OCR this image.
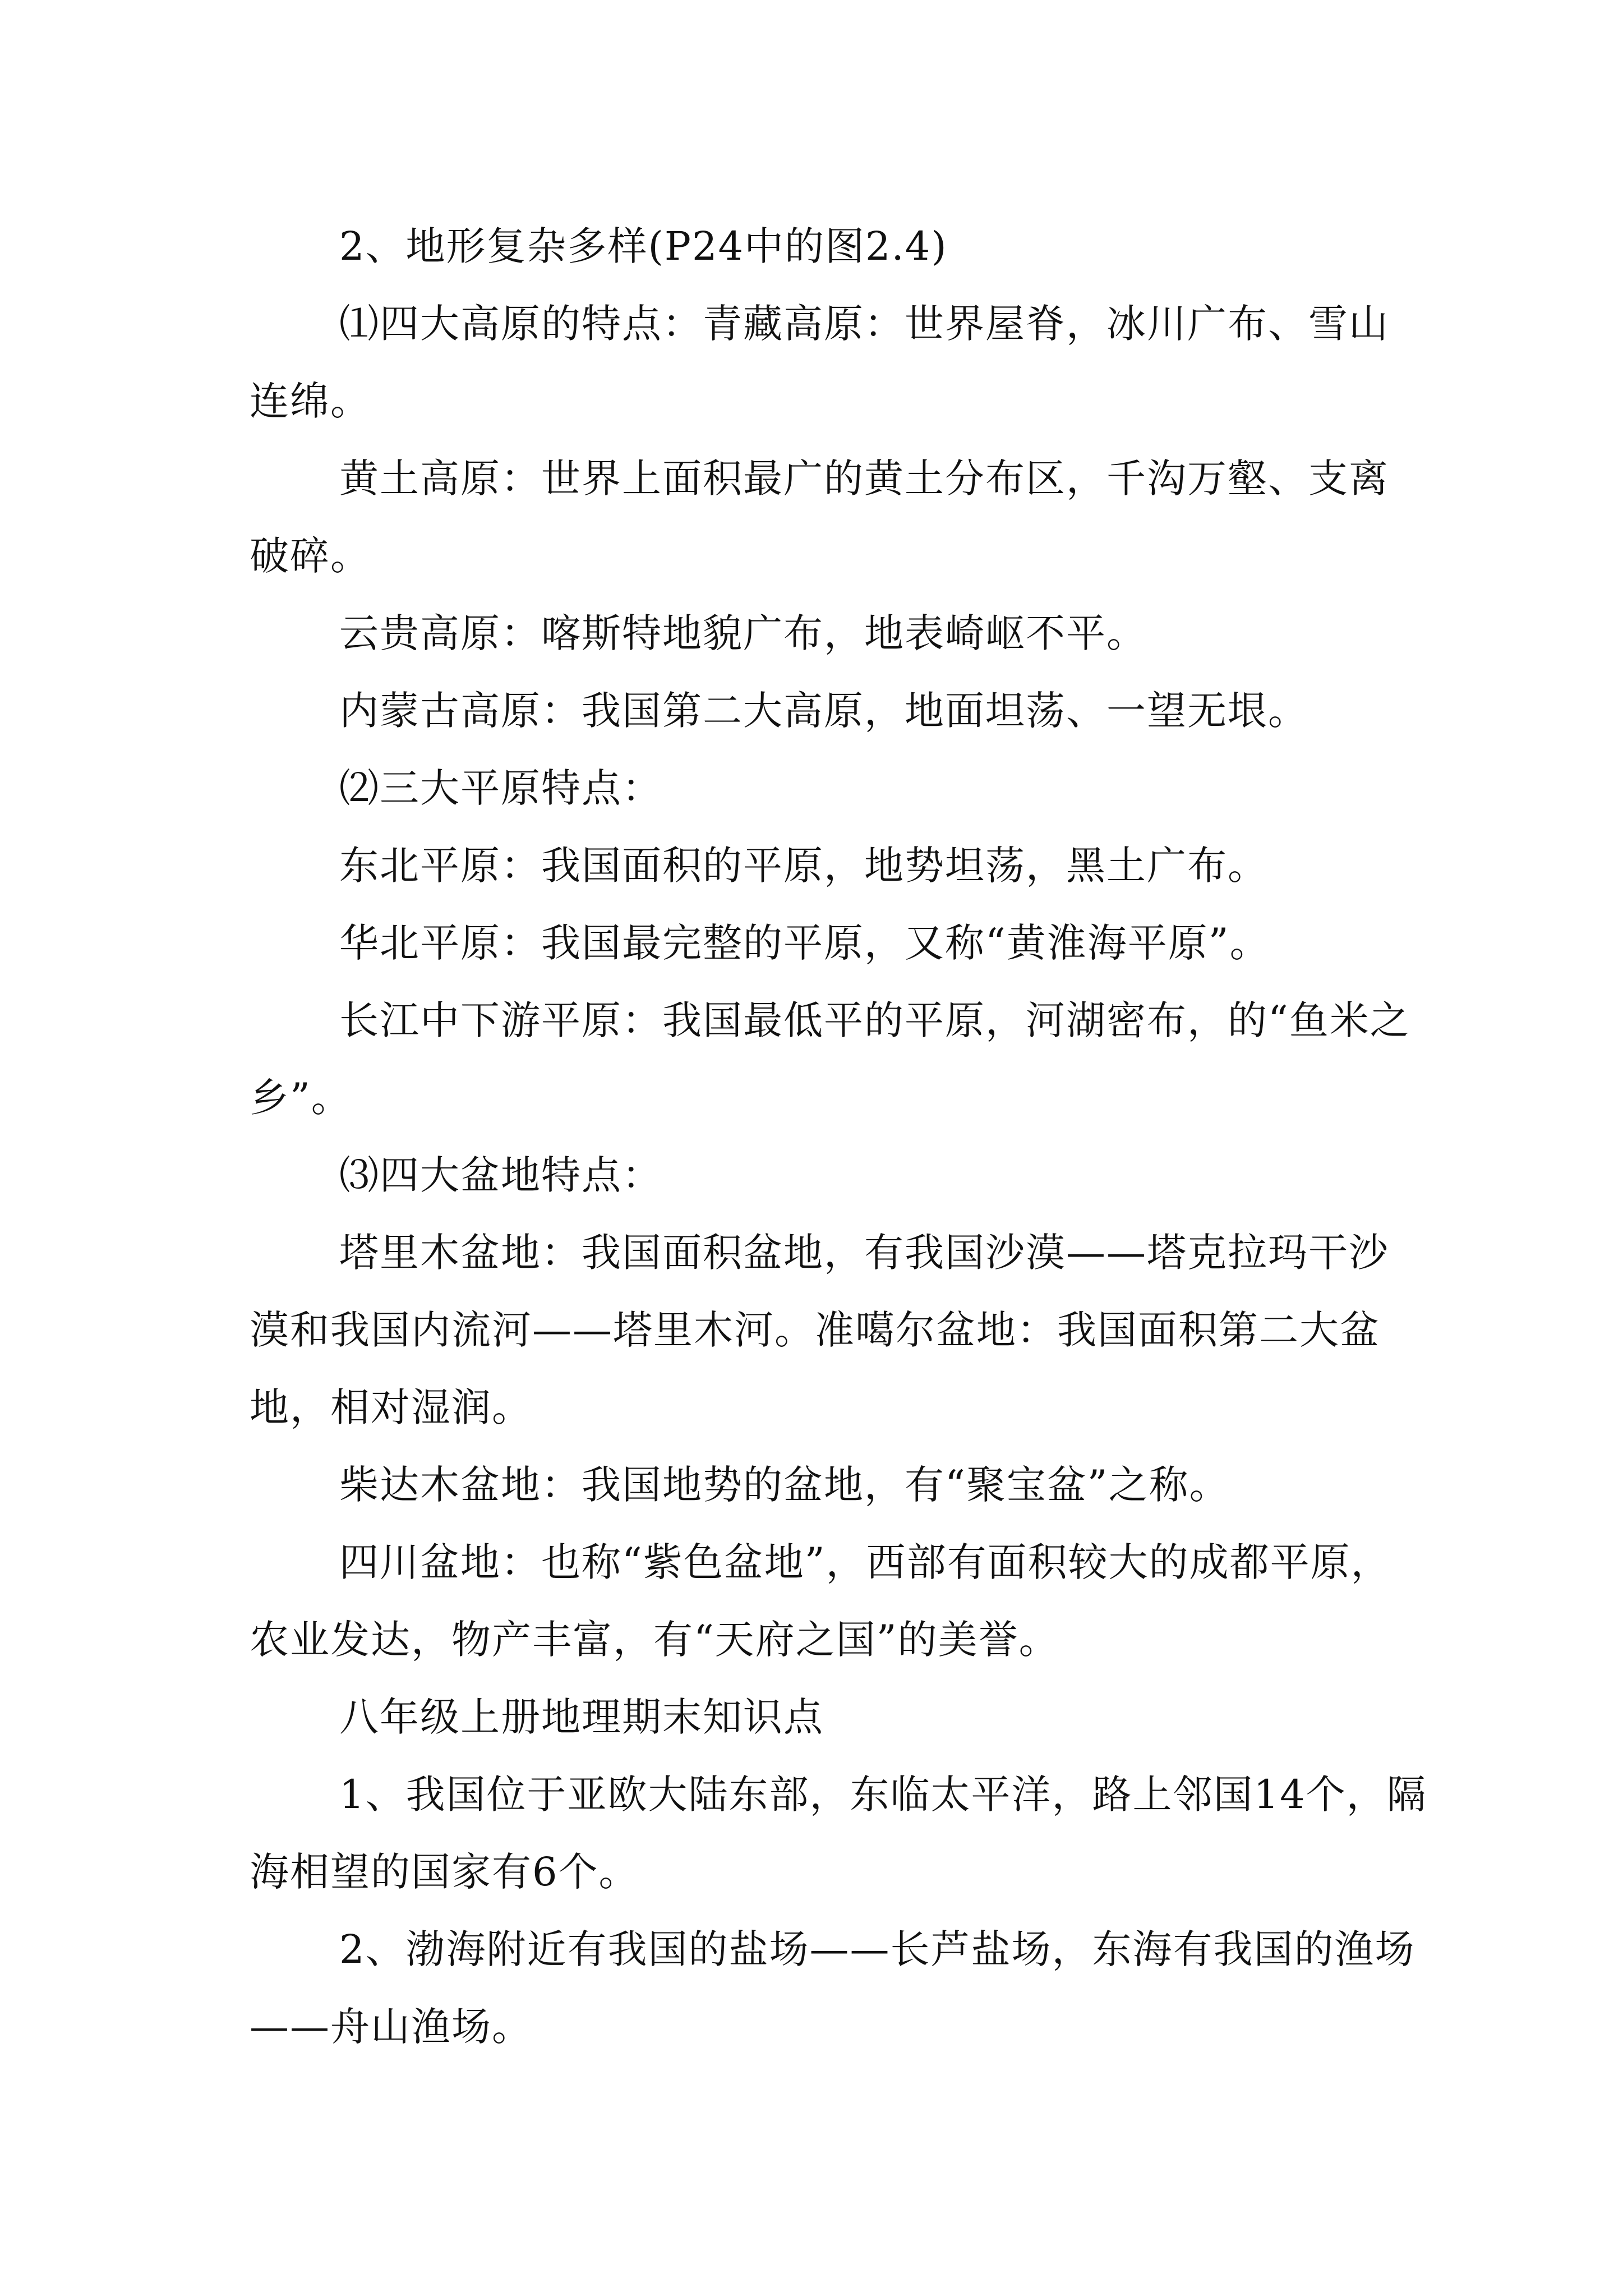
2、地形复杂多样(P24中的图2.4)

⑴四大高原的特点：青藏高原：世界屋脊，冰川广布、雪山连绵。

黄土高原：世界上面积最广的黄土分布区，千沟万壑、支离破碎。

云贵高原：喀斯特地貌广布，地表崎岖不平。

内蒙古高原：我国第二大高原，地面坦荡、一望无垠。

⑵三大平原特点：

东北平原：我国面积的平原，地势坦荡，黑土广布。

华北平原：我国最完整的平原，又称“黄淮海平原”。

长江中下游平原：我国最低平的平原，河湖密布，的“鱼米之乡”。

⑶四大盆地特点：

塔里木盆地：我国面积盆地，有我国沙漠——塔克拉玛干沙漠和我国内流河——塔里木河。准噶尔盆地：我国面积第二大盆地，相对湿润。

柴达木盆地：我国地势的盆地，有“聚宝盆”之称。

四川盆地：也称“紫色盆地”，西部有面积较大的成都平原，农业发达，物产丰富，有“天府之国”的美誉。

八年级上册地理期末知识点

1、我国位于亚欧大陆东部，东临太平洋，路上邻国14个，隔海相望的国家有6个。

2、渤海附近有我国的盐场——长芦盐场，东海有我国的渔场——舟山渔场。
